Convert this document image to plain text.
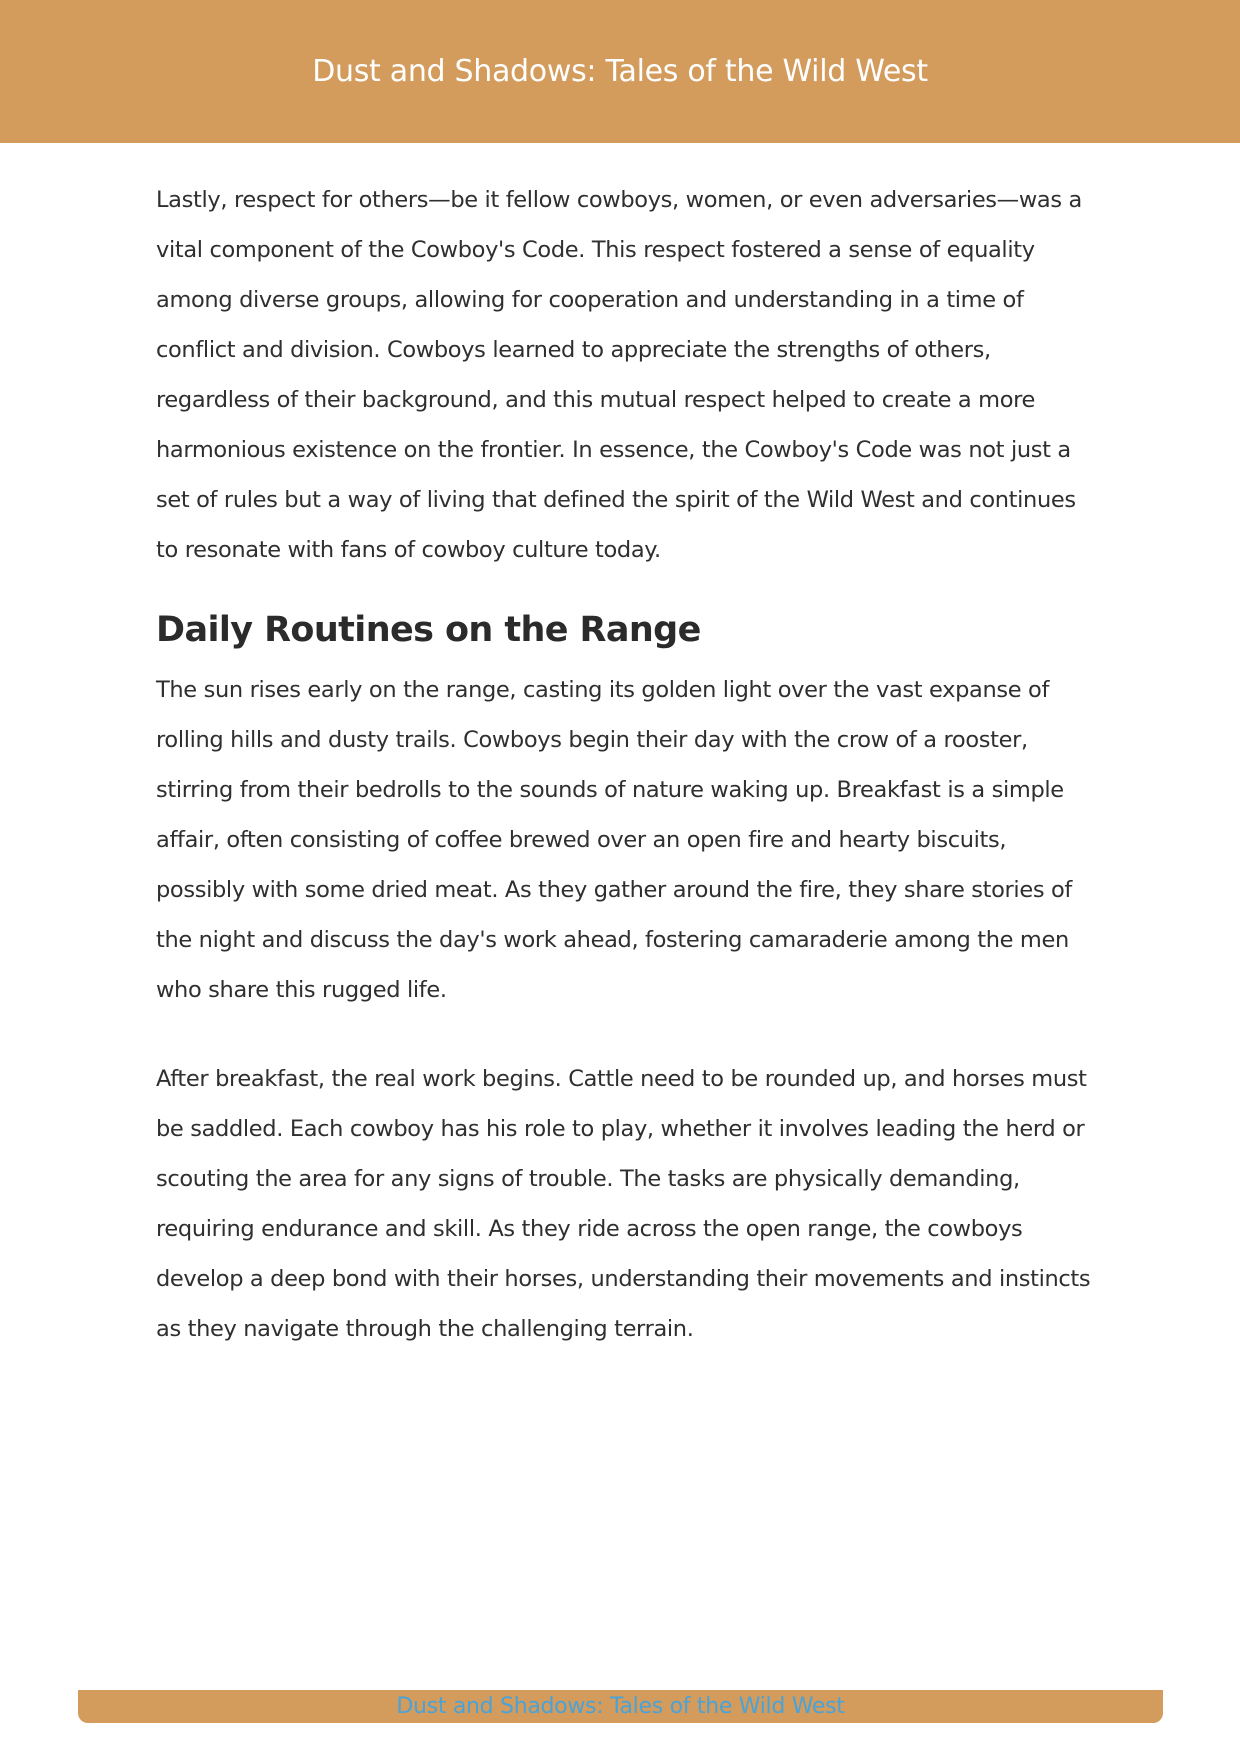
Dust and Shadows: Tales of the Wild West

Lastly, respect for others—be it fellow cowboys, women, or even adversaries—was a vital component of the Cowboy's Code. This respect fostered a sense of equality among diverse groups, allowing for cooperation and understanding in a time of conflict and division. Cowboys learned to appreciate the strengths of others, regardless of their background, and this mutual respect helped to create a more harmonious existence on the frontier. In essence, the Cowboy's Code was not just a set of rules but a way of living that defined the spirit of the Wild West and continues to resonate with fans of cowboy culture today.

Daily Routines on the Range

The sun rises early on the range, casting its golden light over the vast expanse of rolling hills and dusty trails. Cowboys begin their day with the crow of a rooster, stirring from their bedrolls to the sounds of nature waking up. Breakfast is a simple affair, often consisting of coffee brewed over an open fire and hearty biscuits, possibly with some dried meat. As they gather around the fire, they share stories of the night and discuss the day's work ahead, fostering camaraderie among the men who share this rugged life.

After breakfast, the real work begins. Cattle need to be rounded up, and horses must be saddled. Each cowboy has his role to play, whether it involves leading the herd or scouting the area for any signs of trouble. The tasks are physically demanding, requiring endurance and skill. As they ride across the open range, the cowboys develop a deep bond with their horses, understanding their movements and instincts as they navigate through the challenging terrain.

Dust and Shadows: Tales of the Wild West
